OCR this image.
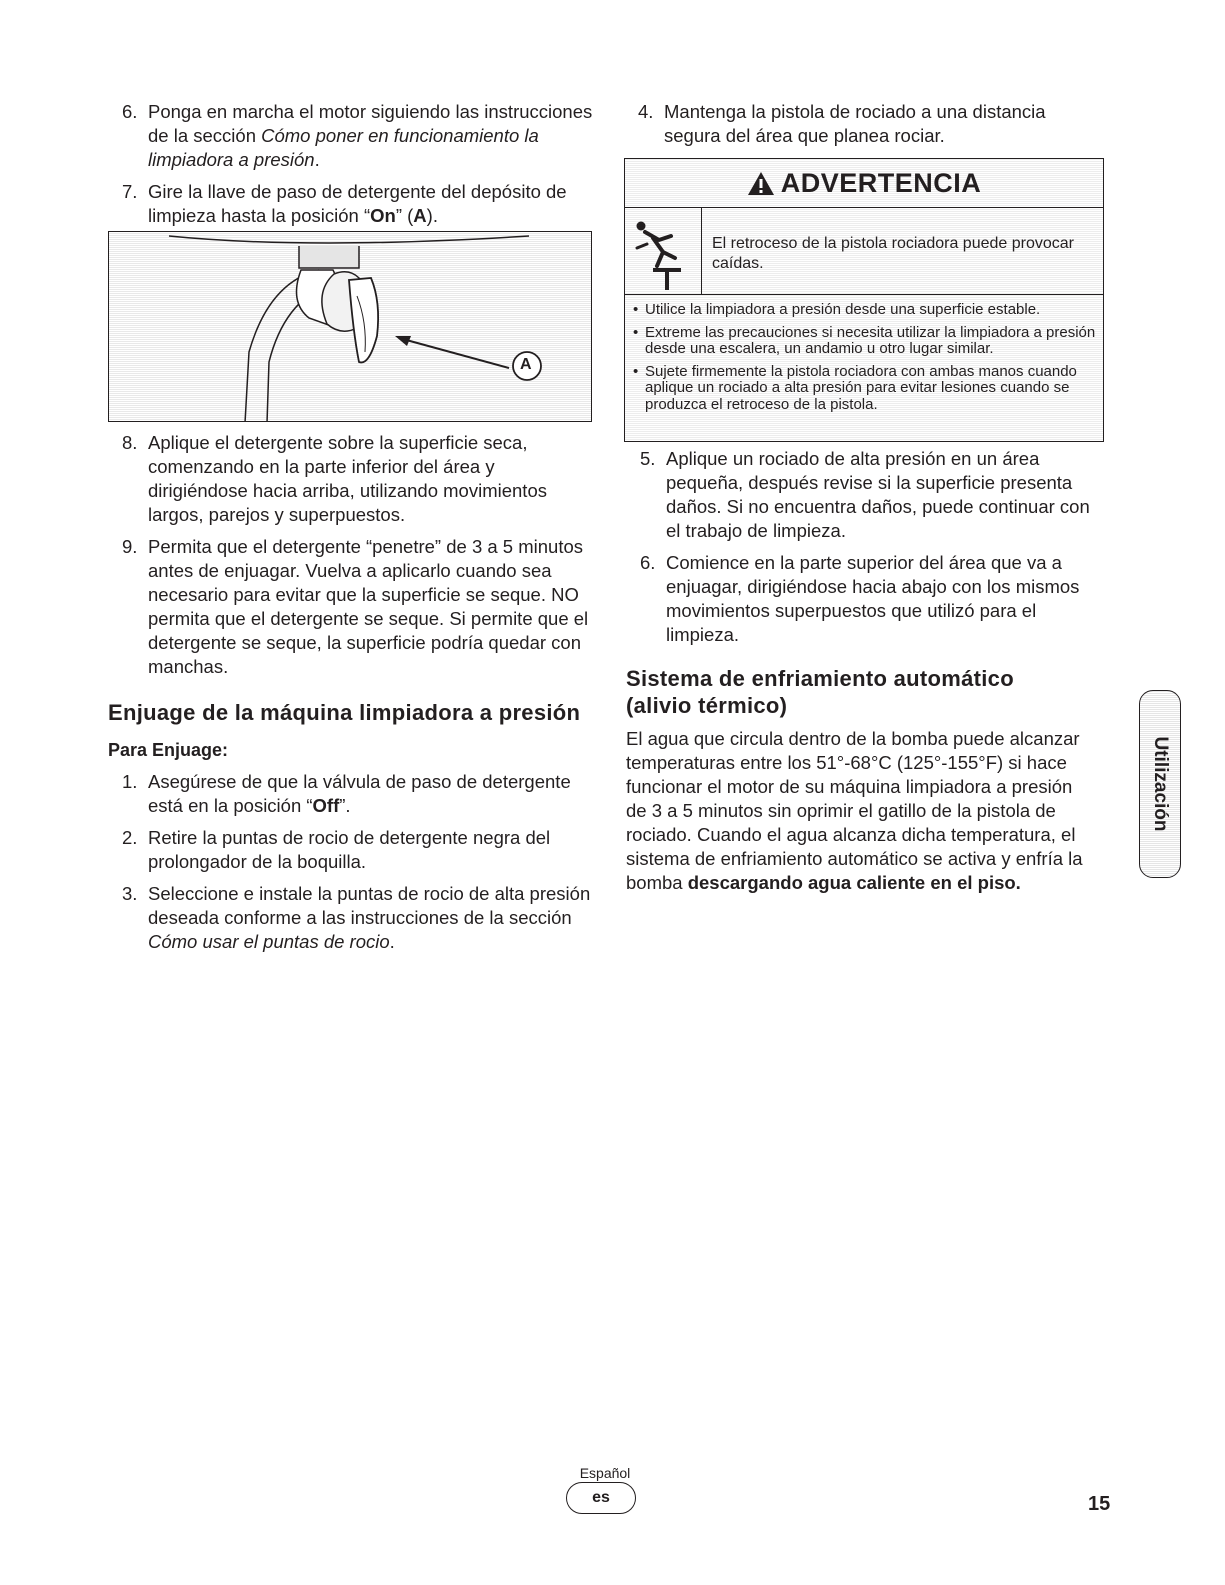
6. Ponga en marcha el motor siguiendo las instrucciones de la sección Cómo poner en funcionamiento la limpiadora a presión.
7. Gire la llave de paso de detergente del depósito de limpieza hasta la posición “On” (A).
A
8. Aplique el detergente sobre la superficie seca, comenzando en la parte inferior del área y dirigiéndose hacia arriba, utilizando movimientos largos, parejos y superpuestos.
9. Permita que el detergente “penetre” de 3 a 5 minutos antes de enjuagar. Vuelva a aplicarlo cuando sea necesario para evitar que la superficie se seque. NO permita que el detergente se seque. Si permite que el detergente se seque, la superficie podría quedar con manchas.
Enjuage de la máquina limpiadora a presión
Para Enjuage:
1. Asegúrese de que la válvula de paso de detergente está en la posición “Off”.
2. Retire la puntas de rocio de detergente negra del prolongador de la boquilla.
3. Seleccione e instale la puntas de rocio de alta presión deseada conforme a las instrucciones de la sección Cómo usar el puntas de rocio.
4. Mantenga la pistola de rociado a una distancia segura del área que planea rociar.
ADVERTENCIA
El retroceso de la pistola rociadora puede provocar caídas.
• Utilice la limpiadora a presión desde una superficie estable.
• Extreme las precauciones si necesita utilizar la limpiadora a presión desde una escalera, un andamio u otro lugar similar.
• Sujete firmemente la pistola rociadora con ambas manos cuando aplique un rociado a alta presión para evitar lesiones cuando se produzca el retroceso de la pistola.
5. Aplique un rociado de alta presión en un área pequeña, después revise si la superficie presenta daños. Si no encuentra daños, puede continuar con el trabajo de limpieza.
6. Comience en la parte superior del área que va a enjuagar, dirigiéndose hacia abajo con los mismos movimientos superpuestos que utilizó para el limpieza.
Sistema de enfriamiento automático (alivio térmico)

El agua que circula dentro de la bomba puede alcanzar temperaturas entre los 51°-68°C (125°-155°F) si hace funcionar el motor de su máquina limpiadora a presión de 3 a 5 minutos sin oprimir el gatillo de la pistola de rociado. Cuando el agua alcanza dicha temperatura, el sistema de enfriamiento automático se activa y enfría la bomba descargando agua caliente en el piso.

Utilización
Español
es	15
